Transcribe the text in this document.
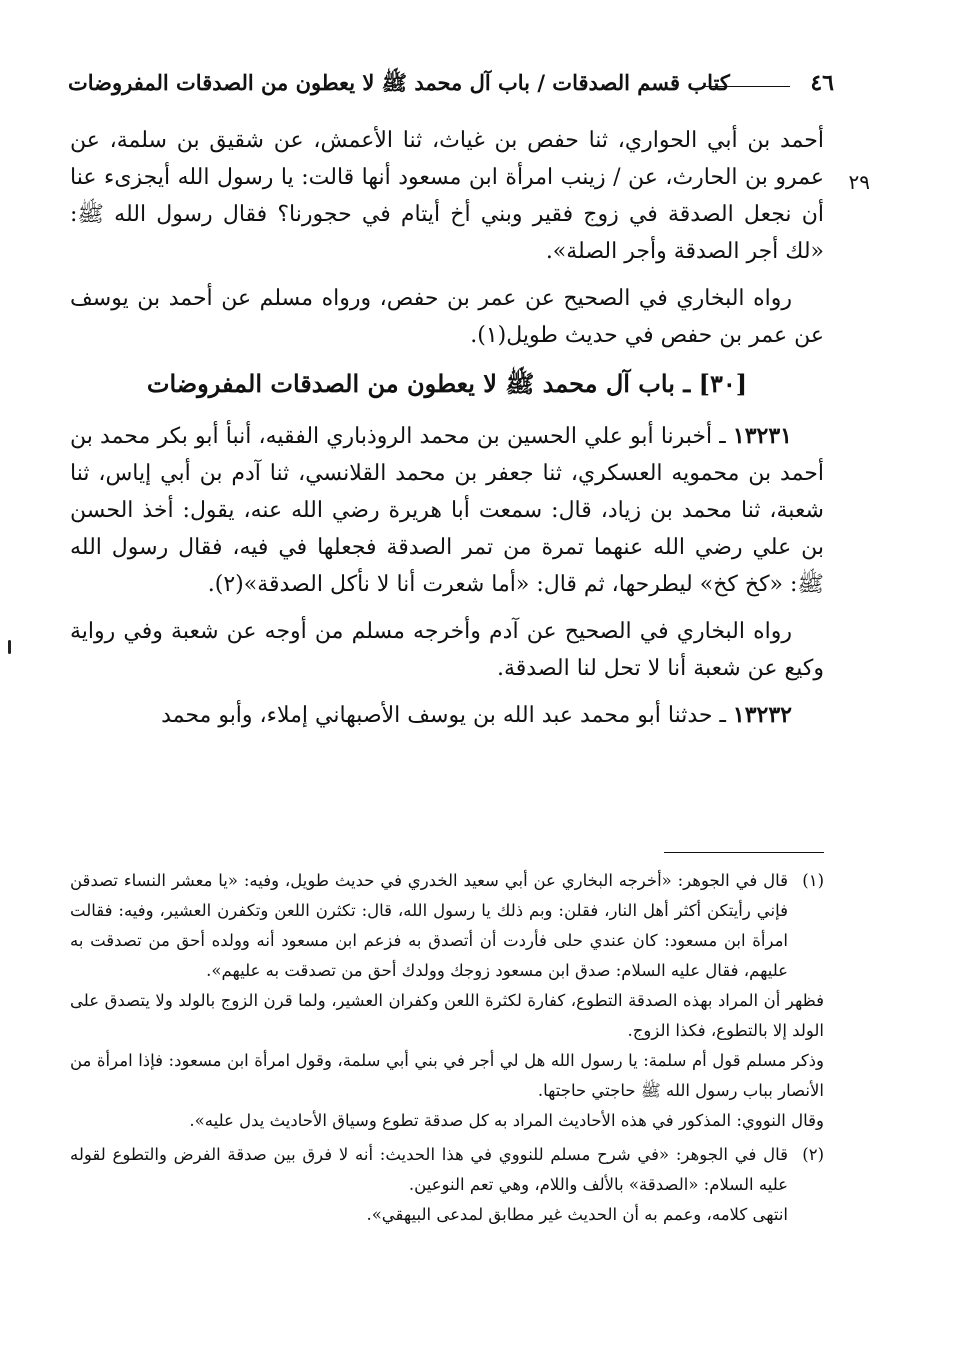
٤٦
كتاب قسم الصدقات / باب آل محمد ﷺ لا يعطون من الصدقات المفروضات
٢٩

أحمد بن أبي الحواري، ثنا حفص بن غياث، ثنا الأعمش، عن شقيق بن سلمة، عن عمرو بن الحارث، عن / زينب امرأة ابن مسعود أنها قالت: يا رسول الله أيجزىء عنا أن نجعل الصدقة في زوج فقير وبني أخ أيتام في حجورنا؟ فقال رسول الله ﷺ: «لك أجر الصدقة وأجر الصلة».

رواه البخاري في الصحيح عن عمر بن حفص، ورواه مسلم عن أحمد بن يوسف عن عمر بن حفص في حديث طويل(١).

[٣٠] ـ باب آل محمد ﷺ لا يعطون من الصدقات المفروضات

١٣٢٣١ ـ أخبرنا أبو علي الحسين بن محمد الروذباري الفقيه، أنبأ أبو بكر محمد بن أحمد بن محمويه العسكري، ثنا جعفر بن محمد القلانسي، ثنا آدم بن أبي إياس، ثنا شعبة، ثنا محمد بن زياد، قال: سمعت أبا هريرة رضي الله عنه، يقول: أخذ الحسن بن علي رضي الله عنهما تمرة من تمر الصدقة فجعلها في فيه، فقال رسول الله ﷺ: «كخ كخ» ليطرحها، ثم قال: «أما شعرت أنا لا نأكل الصدقة»(٢).

رواه البخاري في الصحيح عن آدم وأخرجه مسلم من أوجه عن شعبة وفي رواية وكيع عن شعبة أنا لا تحل لنا الصدقة.

١٣٢٣٢ ـ حدثنا أبو محمد عبد الله بن يوسف الأصبهاني إملاء، وأبو محمد

(١)
قال في الجوهر: «أخرجه البخاري عن أبي سعيد الخدري في حديث طويل، وفيه: «يا معشر النساء تصدقن فإني رأيتكن أكثر أهل النار، فقلن: وبم ذلك يا رسول الله، قال: تكثرن اللعن وتكفرن العشير، وفيه: فقالت امرأة ابن مسعود: كان عندي حلى فأردت أن أتصدق به فزعم ابن مسعود أنه وولده أحق من تصدقت به عليهم، فقال عليه السلام: صدق ابن مسعود زوجك وولدك أحق من تصدقت به عليهم».
فظهر أن المراد بهذه الصدقة التطوع، كفارة لكثرة اللعن وكفران العشير، ولما قرن الزوج بالولد ولا يتصدق على الولد إلا بالتطوع، فكذا الزوج.
وذكر مسلم قول أم سلمة: يا رسول الله هل لي أجر في بني أبي سلمة، وقول امرأة ابن مسعود: فإذا امرأة من الأنصار بباب رسول الله ﷺ حاجتي حاجتها.
وقال النووي: المذكور في هذه الأحاديث المراد به كل صدقة تطوع وسياق الأحاديث يدل عليه».
(٢)
قال في الجوهر: «في شرح مسلم للنووي في هذا الحديث: أنه لا فرق بين صدقة الفرض والتطوع لقوله عليه السلام: «الصدقة» بالألف واللام، وهي تعم النوعين.
انتهى كلامه، وعمم به أن الحديث غير مطابق لمدعى البيهقي».
